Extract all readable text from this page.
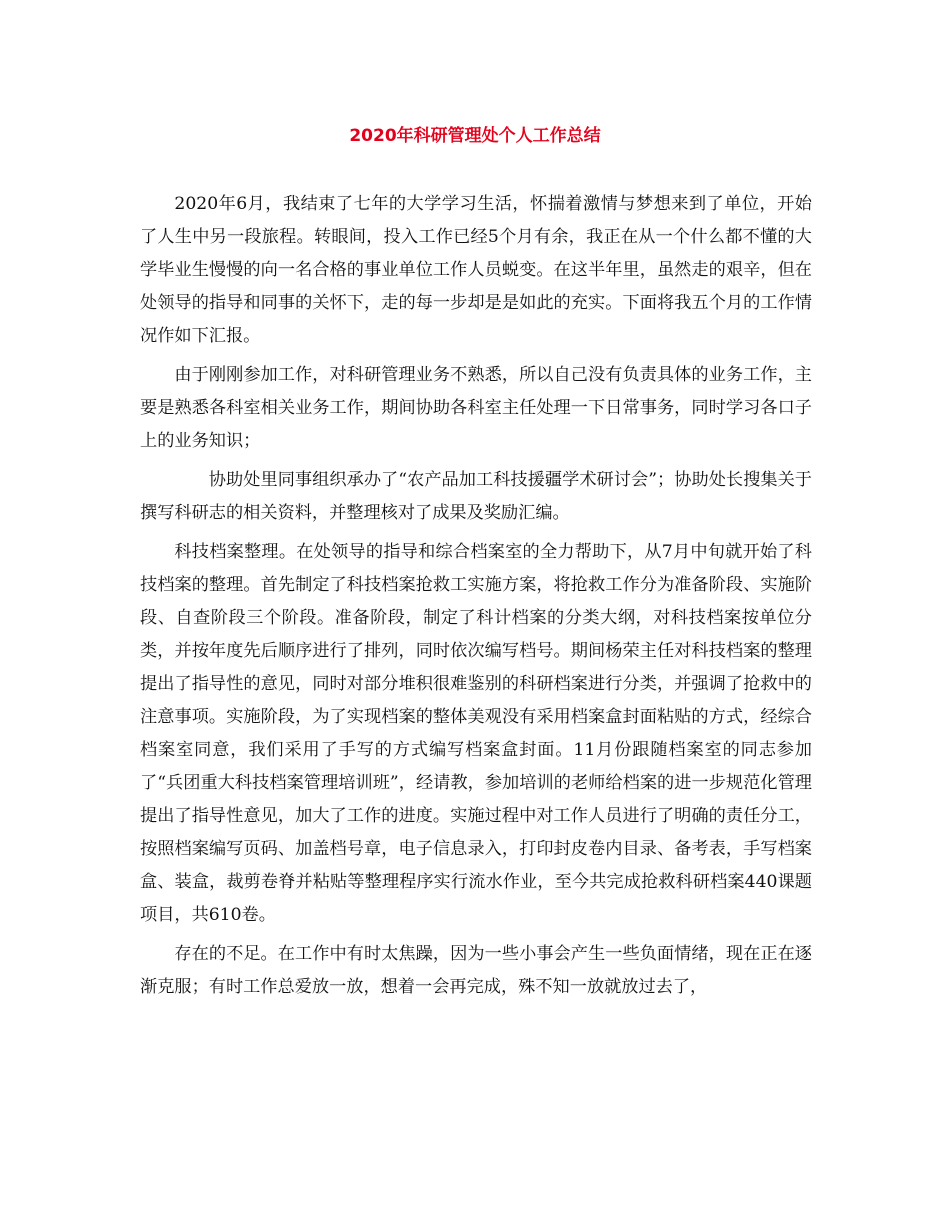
2020年科研管理处个人工作总结

2020年6月，我结束了七年的大学学习生活，怀揣着激情与梦想来到了单位，开始了人生中另一段旅程。转眼间，投入工作已经5个月有余，我正在从一个什么都不懂的大学毕业生慢慢的向一名合格的事业单位工作人员蜕变。在这半年里，虽然走的艰辛，但在处领导的指导和同事的关怀下，走的每一步却是是如此的充实。下面将我五个月的工作情况作如下汇报。

由于刚刚参加工作，对科研管理业务不熟悉，所以自己没有负责具体的业务工作，主要是熟悉各科室相关业务工作，期间协助各科室主任处理一下日常事务，同时学习各口子上的业务知识；

协助处里同事组织承办了“农产品加工科技援疆学术研讨会”；协助处长搜集关于撰写科研志的相关资料，并整理核对了成果及奖励汇编。

科技档案整理。在处领导的指导和综合档案室的全力帮助下，从7月中旬就开始了科技档案的整理。首先制定了科技档案抢救工实施方案，将抢救工作分为准备阶段、实施阶段、自查阶段三个阶段。准备阶段，制定了科计档案的分类大纲，对科技档案按单位分类，并按年度先后顺序进行了排列，同时依次编写档号。期间杨荣主任对科技档案的整理提出了指导性的意见，同时对部分堆积很难鉴别的科研档案进行分类，并强调了抢救中的注意事项。实施阶段，为了实现档案的整体美观没有采用档案盒封面粘贴的方式，经综合档案室同意，我们采用了手写的方式编写档案盒封面。11月份跟随档案室的同志参加了“兵团重大科技档案管理培训班”，经请教，参加培训的老师给档案的进一步规范化管理提出了指导性意见，加大了工作的进度。实施过程中对工作人员进行了明确的责任分工，按照档案编写页码、加盖档号章，电子信息录入，打印封皮卷内目录、备考表，手写档案盒、装盒，裁剪卷脊并粘贴等整理程序实行流水作业，至今共完成抢救科研档案440课题项目，共610卷。

存在的不足。在工作中有时太焦躁，因为一些小事会产生一些负面情绪，现在正在逐渐克服；有时工作总爱放一放，想着一会再完成，殊不知一放就放过去了，
